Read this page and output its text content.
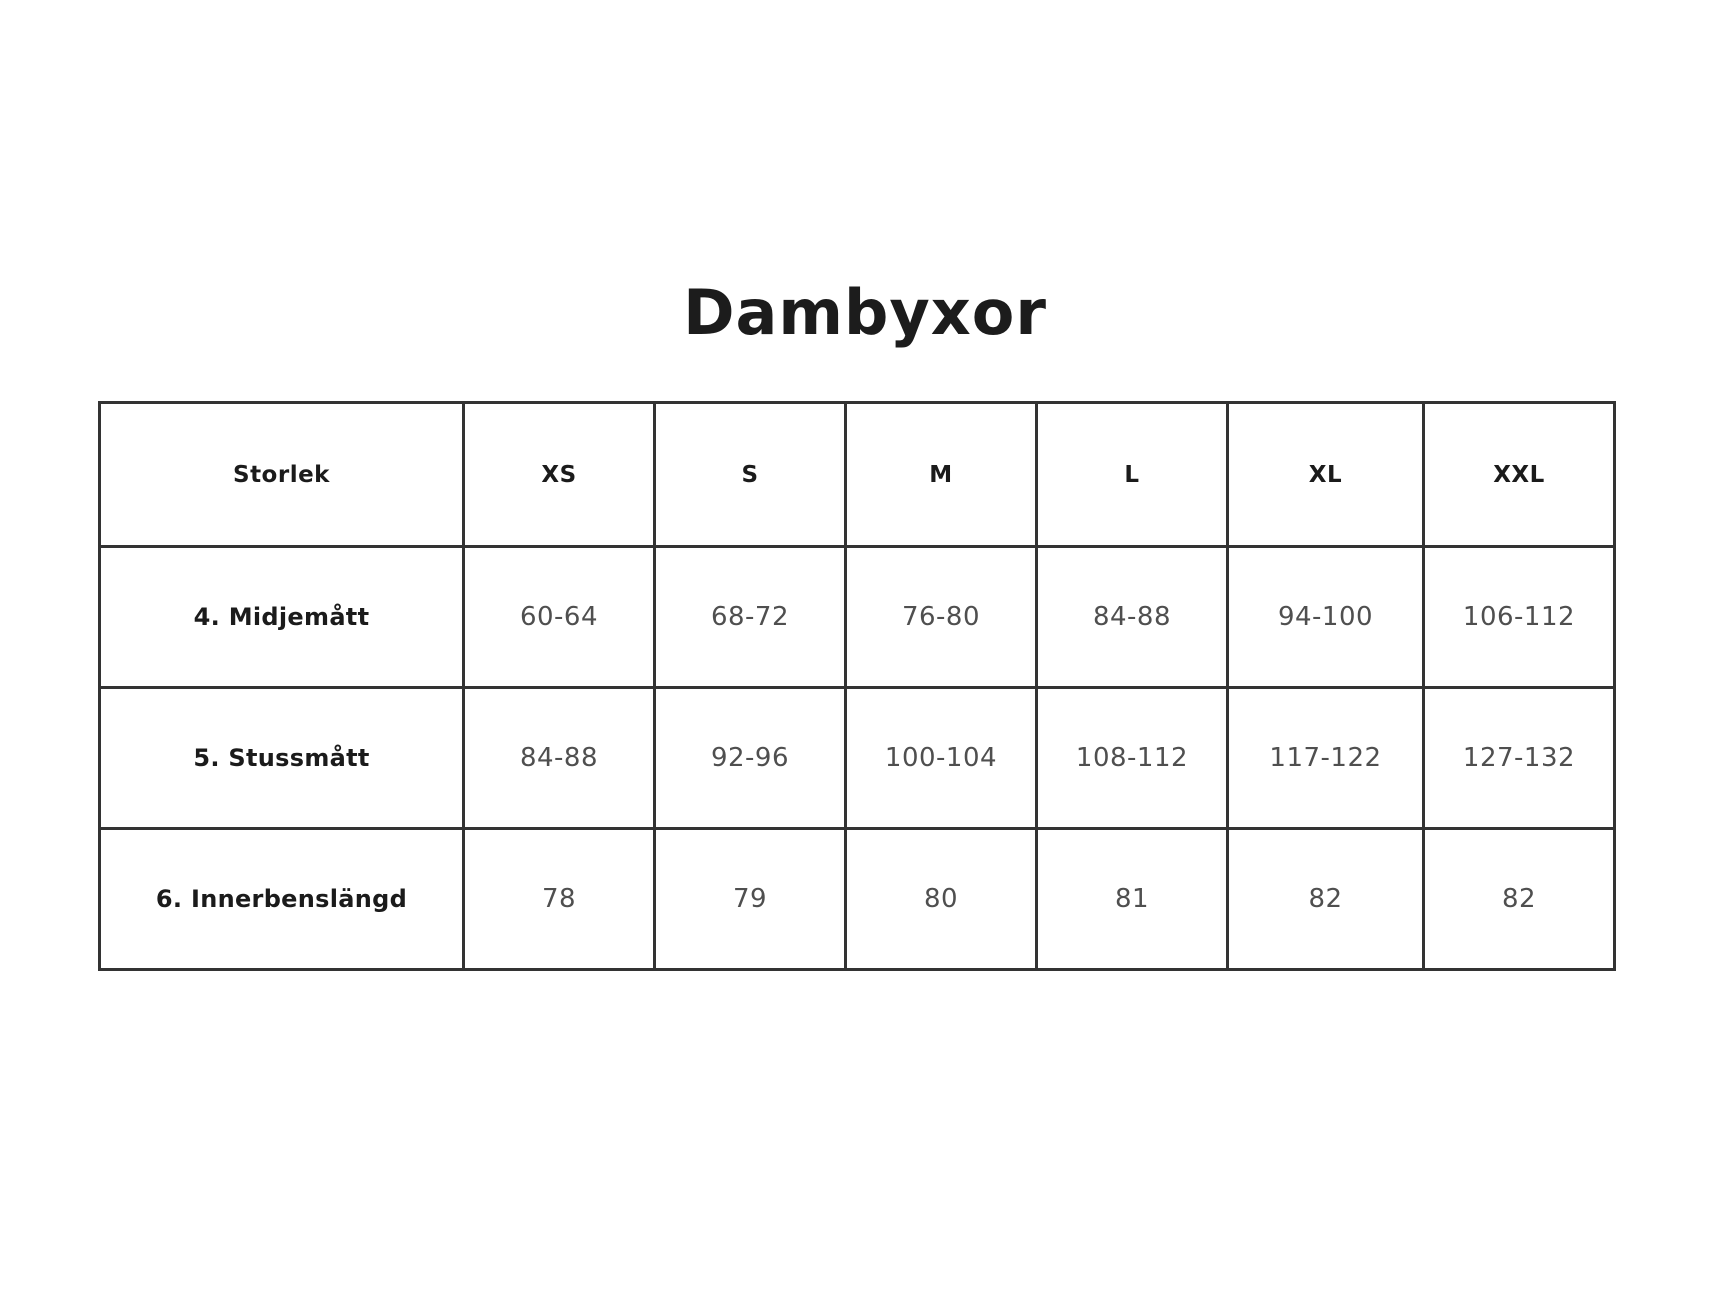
Dambyxor
Storlek	XS	S	M	L	XL	XXL
4. Midjemått	60-64	68-72	76-80	84-88	94-100	106-112
5. Stussmått	84-88	92-96	100-104	108-112	117-122	127-132
6. Innerbenslängd	78	79	80	81	82	82
